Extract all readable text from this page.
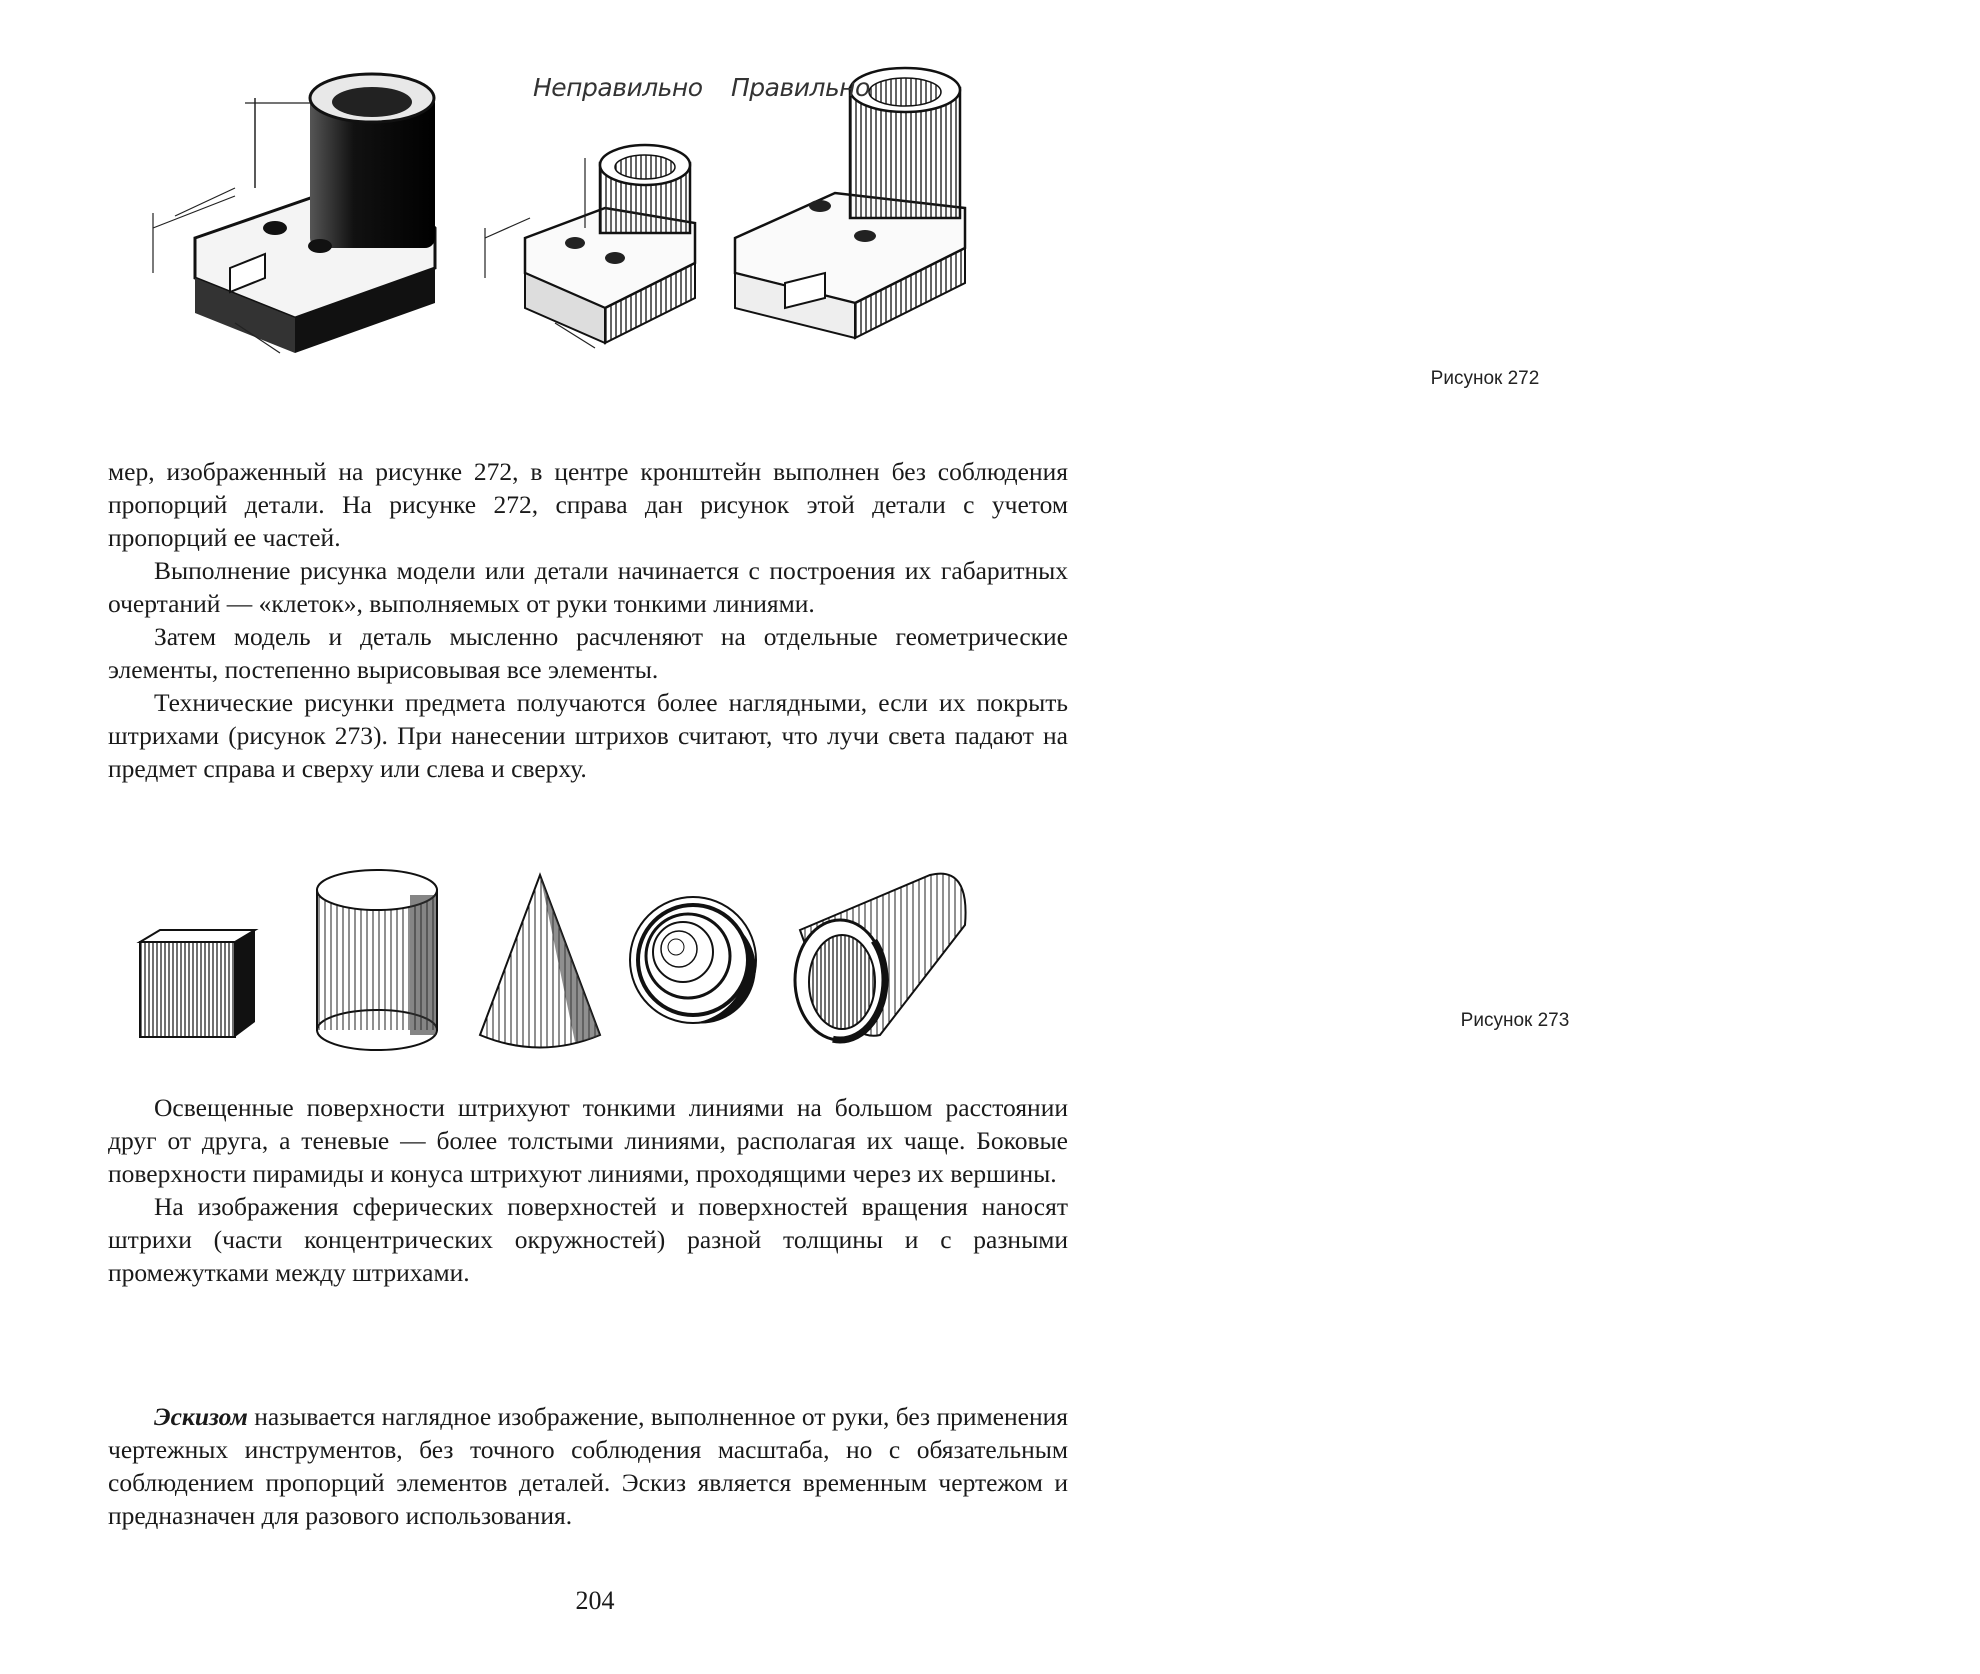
Неправильно Правильно
Рисунок 272

мер, изображенный на рисунке 272, в центре кронштейн выполнен без соблюдения пропорций детали. На рисунке 272, справа дан рисунок этой детали с учетом пропорций ее частей.

Выполнение рисунка модели или детали начинается с построения их габаритных очертаний — «клеток», выполняемых от руки тонкими линиями.

Затем модель и деталь мысленно расчленяют на отдельные геометрические элементы, постепенно вырисовывая все элементы.

Технические рисунки предмета получаются более наглядными, если их покрыть штрихами (рисунок 273). При нанесении штрихов считают, что лучи света падают на предмет справа и сверху или слева и сверху.

Рисунок 273

Освещенные поверхности штрихуют тонкими линиями на большом расстоянии друг от друга, а теневые — более толстыми линиями, располагая их чаще. Боковые поверхности пирамиды и конуса штрихуют линиями, проходящими через их вершины.

На изображения сферических поверхностей и поверхностей вращения наносят штрихи (части концентрических окружностей) разной толщины и с разными промежутками между штрихами.

Эскизом называется наглядное изображение, выполненное от руки, без применения чертежных инструментов, без точного соблюдения масштаба, но с обязательным соблюдением пропорций элементов деталей. Эскиз является временным чертежом и предназначен для разового использования.

204
